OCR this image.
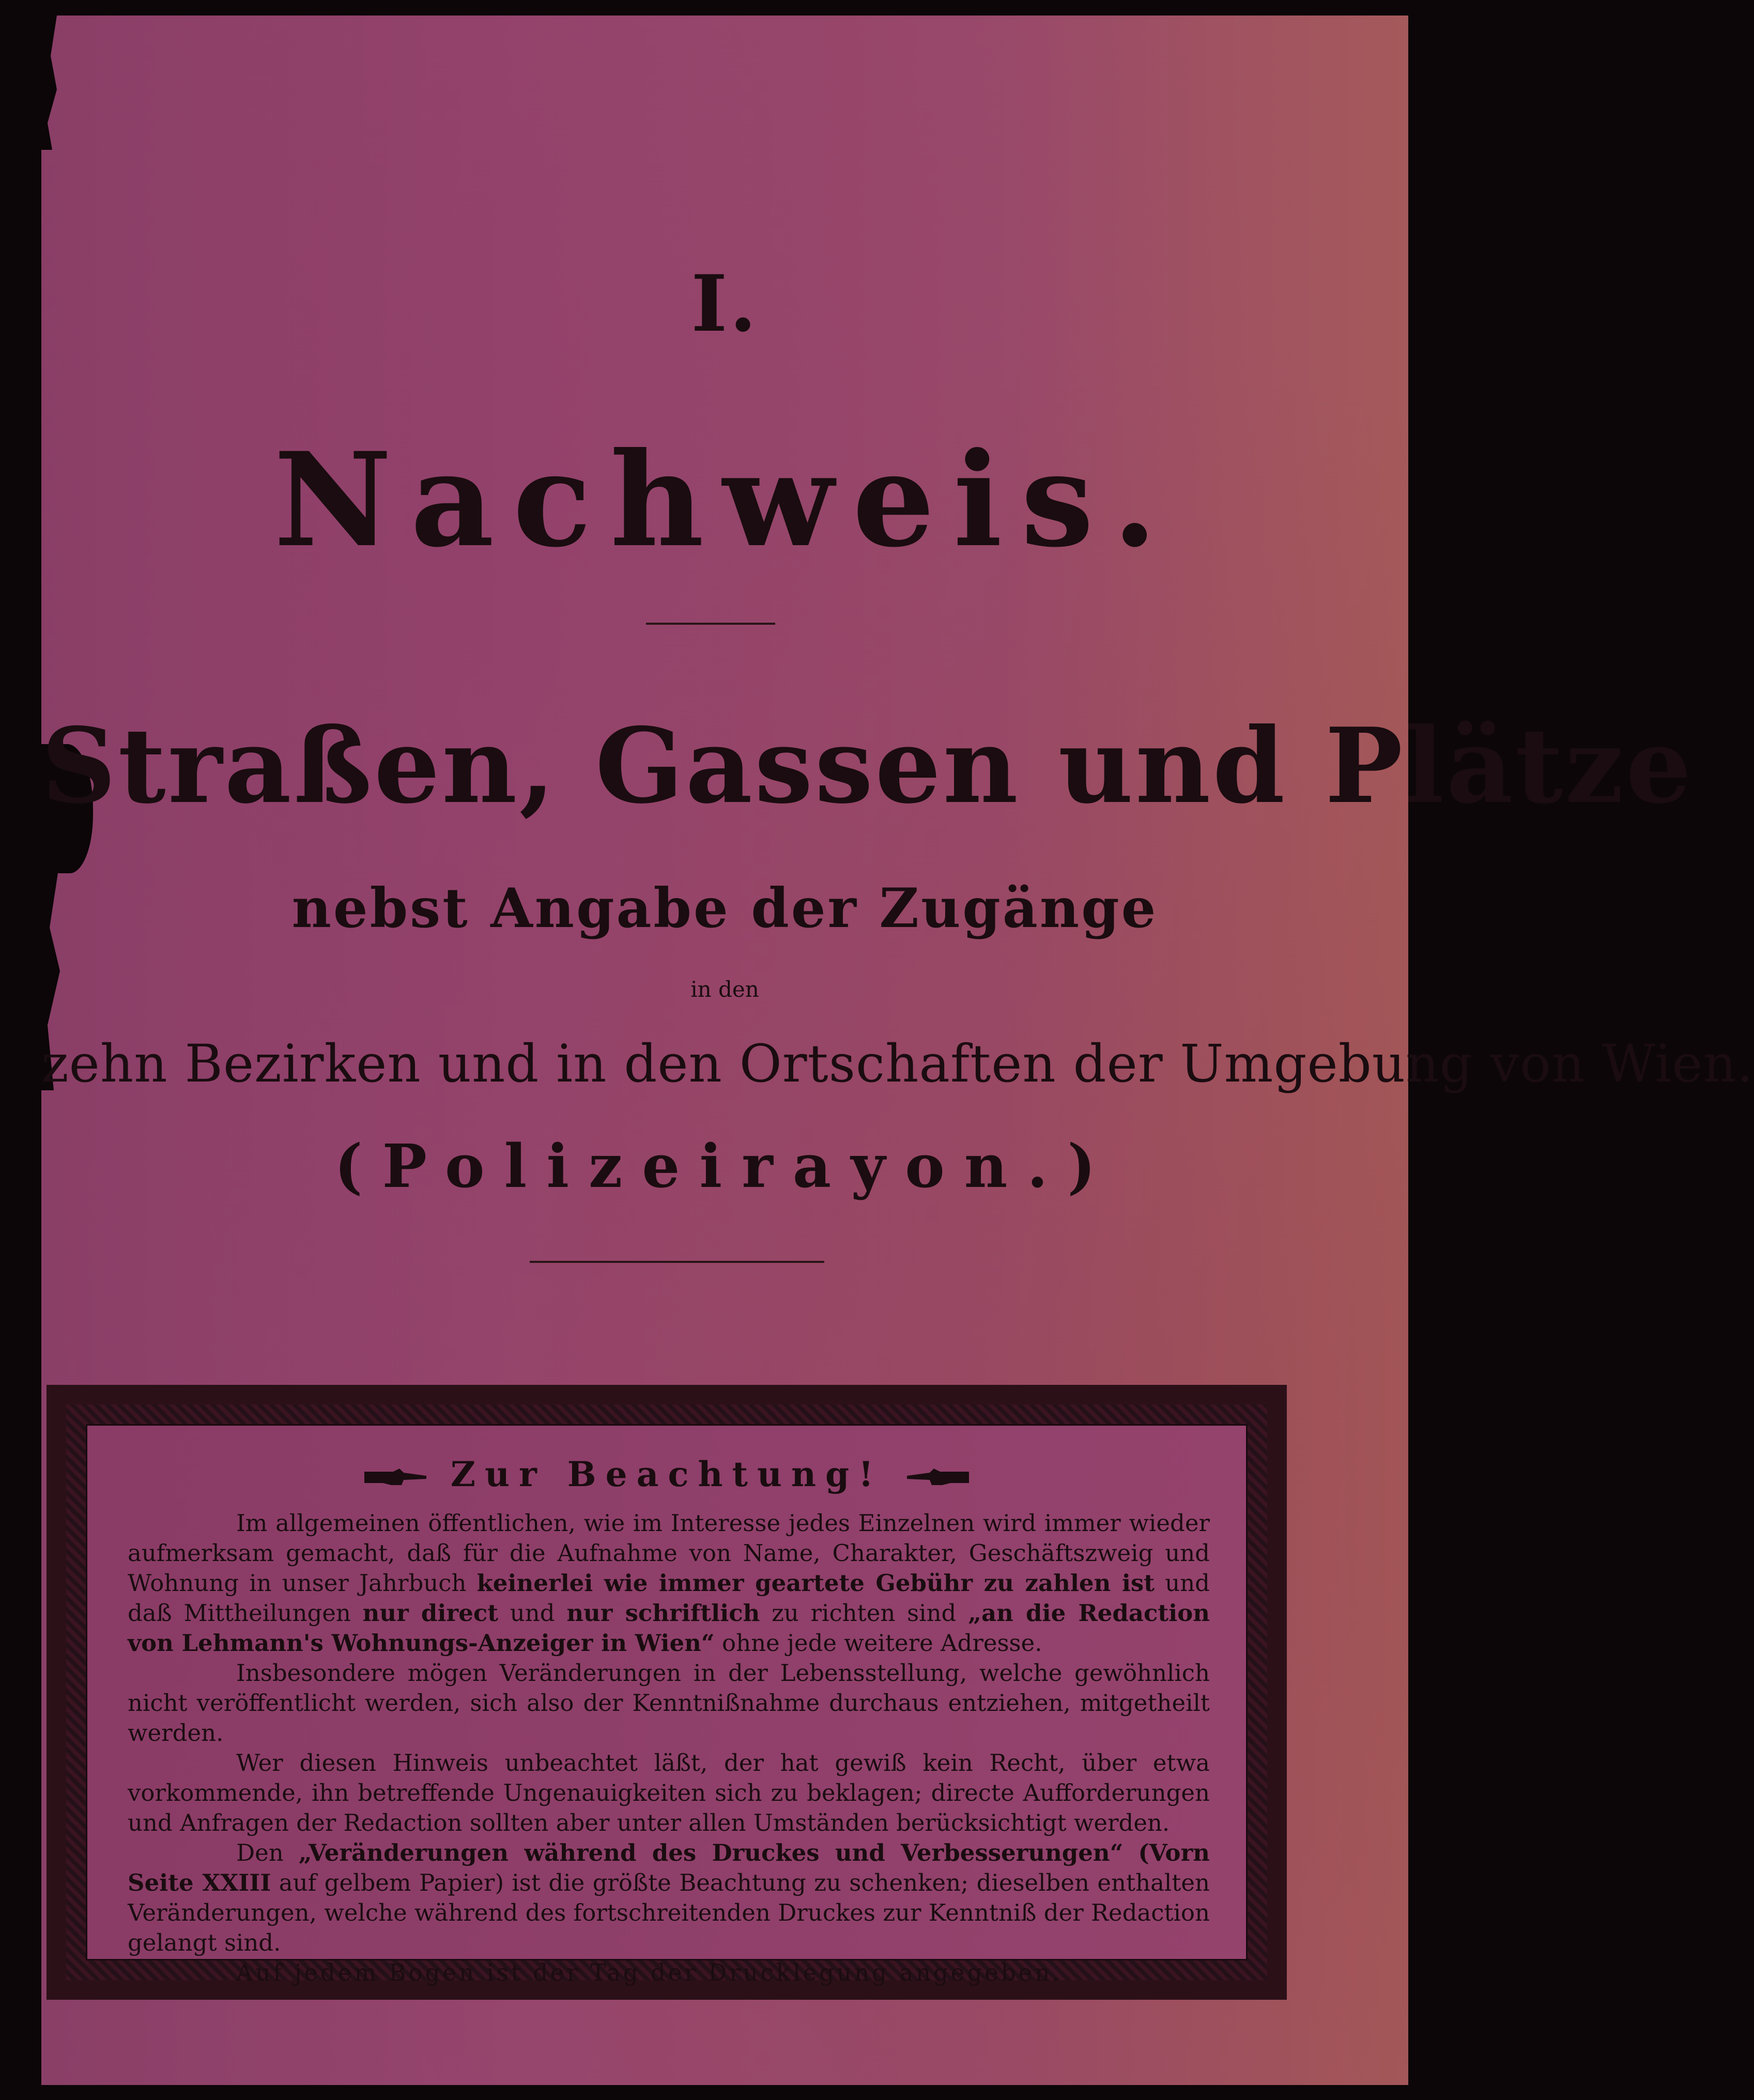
I.
Nachweis.
Straßen, Gassen und Plätze
nebst Angabe der Zugänge
in den
zehn Bezirken und in den Ortschaften der Umgebung von Wien.
(Polizeirayon.)
Zur Beachtung!

Im allgemeinen öffentlichen, wie im Interesse jedes Einzelnen wird immer wieder aufmerksam gemacht, daß für die Aufnahme von Name, Charakter, Geschäftszweig und Wohnung in unser Jahrbuch keinerlei wie immer geartete Gebühr zu zahlen ist und daß Mittheilungen nur direct und nur schriftlich zu richten sind „an die Redaction von Lehmann's Wohnungs-Anzeiger in Wien“ ohne jede weitere Adresse.

Insbesondere mögen Veränderungen in der Lebensstellung, welche gewöhnlich nicht veröffentlicht werden, sich also der Kenntnißnahme durchaus entziehen, mitgetheilt werden.

Wer diesen Hinweis unbeachtet läßt, der hat gewiß kein Recht, über etwa vorkommende, ihn betreffende Ungenauigkeiten sich zu beklagen; directe Aufforderungen und Anfragen der Redaction sollten aber unter allen Umständen berücksichtigt werden.

Den „Veränderungen während des Druckes und Verbesserungen“ (Vorn Seite XXIII auf gelbem Papier) ist die größte Beachtung zu schenken; dieselben enthalten Veränderungen, welche während des fortschreitenden Druckes zur Kenntniß der Redaction gelangt sind.

Auf jedem Bogen ist der Tag der Drucklegung angegeben.
